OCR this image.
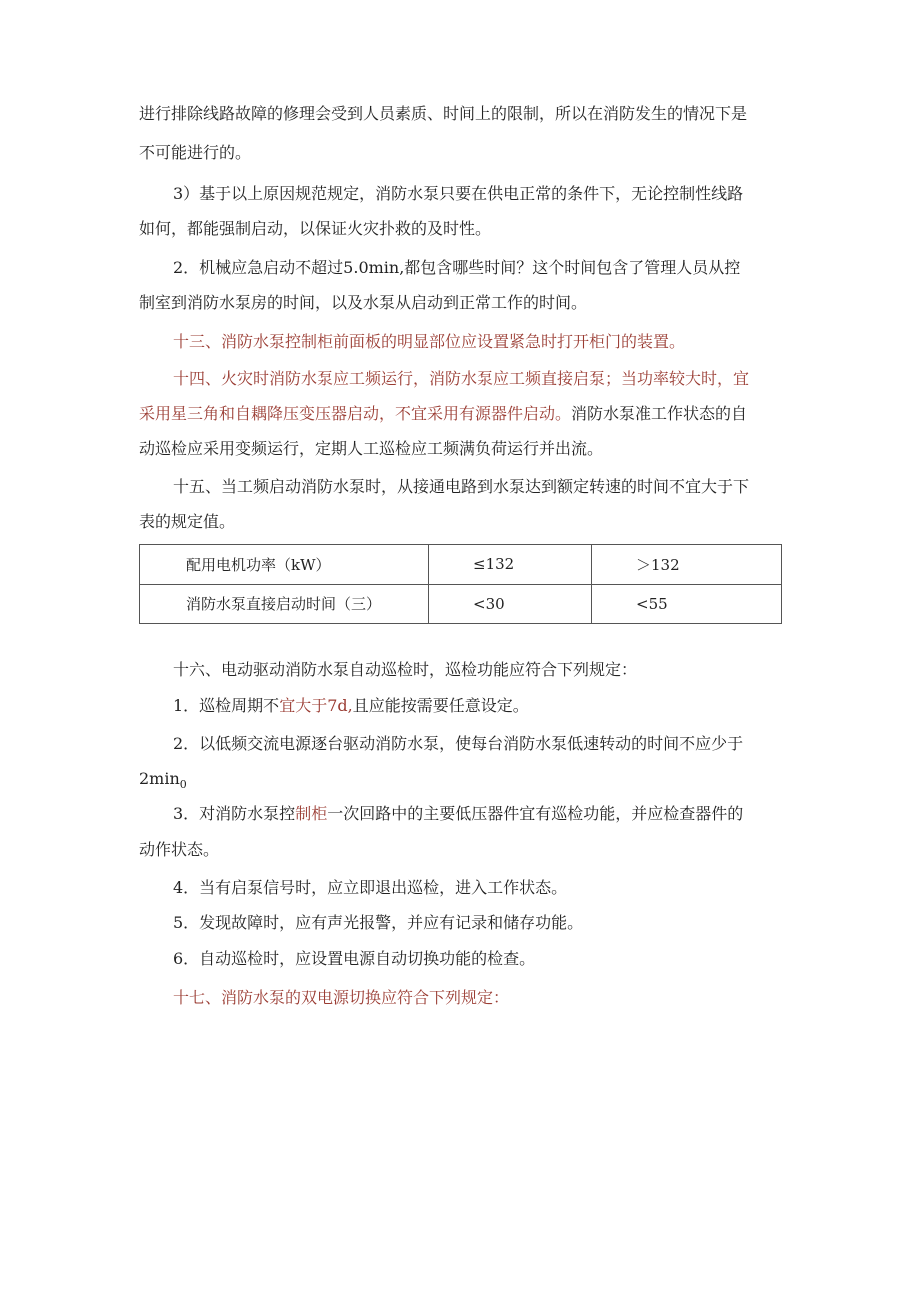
进行排除线路故障的修理会受到人员素质、时间上的限制，所以在消防发生的情况下是
不可能进行的。
3）基于以上原因规范规定，消防水泵只要在供电正常的条件下，无论控制性线路
如何，都能强制启动，以保证火灾扑救的及时性。
2．机械应急启动不超过5.0min,都包含哪些时间？这个时间包含了管理人员从控
制室到消防水泵房的时间，以及水泵从启动到正常工作的时间。
十三、消防水泵控制柜前面板的明显部位应设置紧急时打开柜门的装置。
十四、火灾时消防水泵应工频运行，消防水泵应工频直接启泵；当功率较大时，宜
采用星三角和自耦降压变压器启动，不宜采用有源器件启动。消防水泵准工作状态的自
动巡检应采用变频运行，定期人工巡检应工频满负荷运行并出流。
十五、当工频启动消防水泵时，从接通电路到水泵达到额定转速的时间不宜大于下
表的规定值。
配用电机功率（kW）	≤132	＞132
消防水泵直接启动时间（三）	<30	<55
十六、电动驱动消防水泵自动巡检时，巡检功能应符合下列规定：
1．巡检周期不宜大于7d,且应能按需要任意设定。
2．以低频交流电源逐台驱动消防水泵，使每台消防水泵低速转动的时间不应少于
$2\min_0$
3．对消防水泵控制柜一次回路中的主要低压器件宜有巡检功能，并应检查器件的
动作状态。
4．当有启泵信号时，应立即退出巡检，进入工作状态。
5．发现故障时，应有声光报警，并应有记录和储存功能。
6．自动巡检时，应设置电源自动切换功能的检查。
十七、消防水泵的双电源切换应符合下列规定：
